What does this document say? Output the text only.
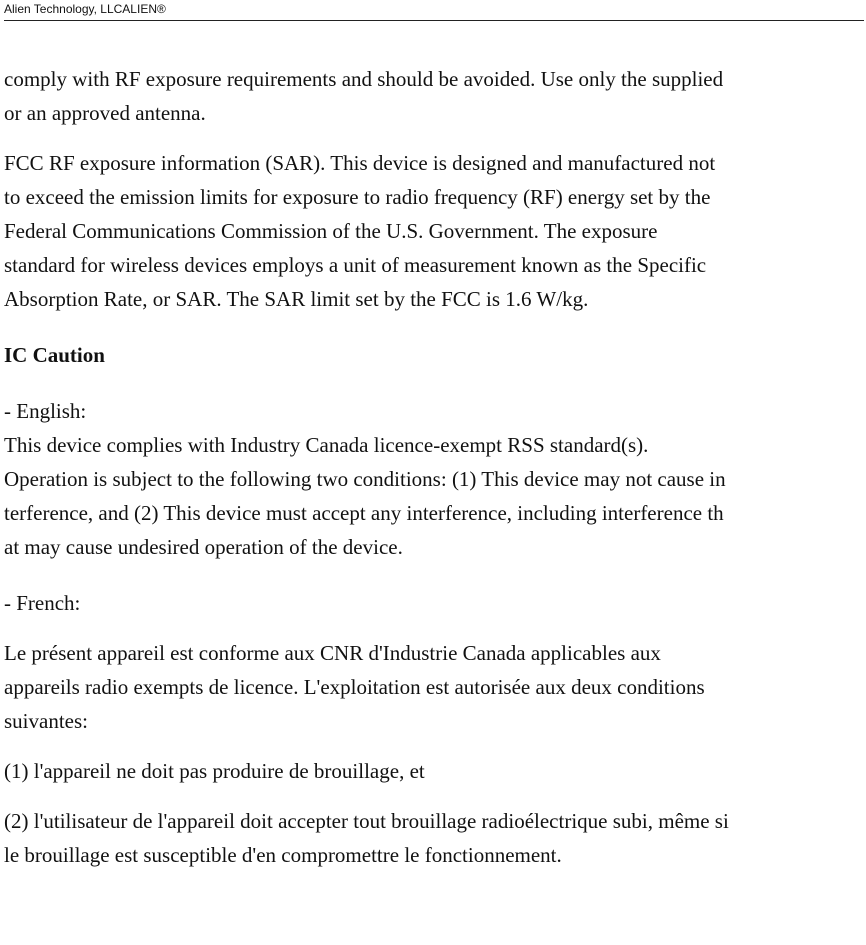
Alien Technology, LLCALIEN®

comply with RF exposure requirements and should be avoided. Use only the supplied

or an approved antenna.

FCC RF exposure information (SAR). This device is designed and manufactured not

to exceed the emission limits for exposure to radio frequency (RF) energy set by the

Federal Communications Commission of the U.S. Government. The exposure

standard for wireless devices employs a unit of measurement known as the Specific

Absorption Rate, or SAR. The SAR limit set by the FCC is 1.6 W/kg.

IC Caution

- English:

This device complies with Industry Canada licence-exempt RSS standard(s).

Operation is subject to the following two conditions: (1) This device may not cause in

terference, and (2) This device must accept any interference, including interference th

at may cause undesired operation of the device.

- French:

Le présent appareil est conforme aux CNR d'Industrie Canada applicables aux

appareils radio exempts de licence. L'exploitation est autorisée aux deux conditions

suivantes:

(1) l'appareil ne doit pas produire de brouillage, et

(2) l'utilisateur de l'appareil doit accepter tout brouillage radioélectrique subi, même si

le brouillage est susceptible d'en compromettre le fonctionnement.
